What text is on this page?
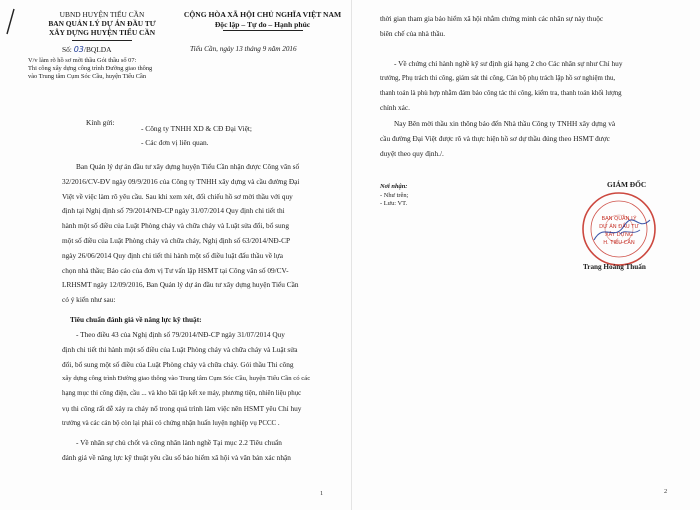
UBND HUYỆN TIỂU CẦN
BAN QUẢN LÝ DỰ ÁN ĐẦU TƯ
XÂY DỰNG HUYỆN TIỂU CẦN
CỘNG HÒA XÃ HỘI CHỦ NGHĨA VIỆT NAM
Độc lập – Tự do – Hạnh phúc
Số: 03/BQLDA	Tiểu Cần, ngày 13 tháng 9 năm 2016
V/v làm rõ hồ sơ mời thầu Gói thầu số 07:
Thi công xây dựng công trình Đường giao thông
vào Trung tâm Cụm Sóc Cầu, huyện Tiểu Cần
Kính gửi:
- Công ty TNHH XD & CĐ Đại Việt;
- Các đơn vị liên quan.
Ban Quản lý dự án đầu tư xây dựng huyện Tiểu Cần nhận được Công văn số
32/2016/CV-ĐV ngày 09/9/2016 của Công ty TNHH xây dựng và cầu đường Đại
Việt về việc làm rõ yêu cầu. Sau khi xem xét, đối chiếu hồ sơ mời thầu với quy
định tại Nghị định số 79/2014/NĐ-CP ngày 31/07/2014 Quy định chi tiết thi
hành một số điều của Luật Phòng cháy và chữa cháy và Luật sửa đổi, bổ sung
một số điều của Luật Phòng cháy và chữa cháy, Nghị định số 63/2014/NĐ-CP
ngày 26/06/2014 Quy định chi tiết thi hành một số điều luật đấu thầu về lựa
chọn nhà thầu; Báo cáo của đơn vị Tư vấn lập HSMT tại Công văn số 09/CV-
LRHSMT ngày 12/09/2016, Ban Quản lý dự án đầu tư xây dựng huyện Tiểu Cần
có ý kiến như sau:
Tiêu chuẩn đánh giá về năng lực kỹ thuật:
- Theo điều 43 của Nghị định số 79/2014/NĐ-CP ngày 31/07/2014 Quy
định chi tiết thi hành một số điều của Luật Phòng cháy và chữa cháy và Luật sửa
đổi, bổ sung một số điều của Luật Phòng cháy và chữa cháy. Gói thầu Thi công
xây dựng công trình Đường giao thông vào Trung tâm Cụm Sóc Cầu, huyện Tiểu Cần có các
hạng mục thi công điện, cầu ... và kho bãi tập kết xe máy, phương tiện, nhiên liệu phục
vụ thi công rất dễ xảy ra cháy nổ trong quá trình làm việc nên HSMT yêu Chỉ huy
trưởng và các cán bộ còn lại phải có chứng nhận huấn luyện nghiệp vụ PCCC .
- Về nhân sự chủ chốt và công nhân lành nghề Tại mục 2.2 Tiêu chuẩn
đánh giá về năng lực kỹ thuật yêu cầu số bảo hiểm xã hội và văn bản xác nhận
1
thời gian tham gia bảo hiểm xã hội nhằm chứng minh các nhân sự này thuộc
biên chế của nhà thầu.
- Về chứng chỉ hành nghề kỹ sư định giá hạng 2 cho Các nhân sự như Chỉ huy
trưởng, Phụ trách thi công, giám sát thi công, Cán bộ phụ trách lập hồ sơ nghiệm thu,
thanh toán là phù hợp nhằm đảm bảo công tác thi công, kiểm tra, thanh toán khối lượng
chính xác.
Nay Bên mời thầu xin thông báo đến Nhà thầu Công ty TNHH xây dựng và
cầu đường Đại Việt được rõ và thực hiện hồ sơ dự thầu đúng theo HSMT được
duyệt theo quy định./.
Nơi nhận:
- Như trên;
- Lưu: VT.
GIÁM ĐỐC
BAN QUẢN LÝ
DỰ ÁN ĐẦU TƯ
XÂY DỰNG
H. TIỂU CẦN
Trang Hoàng Thuấn
2
